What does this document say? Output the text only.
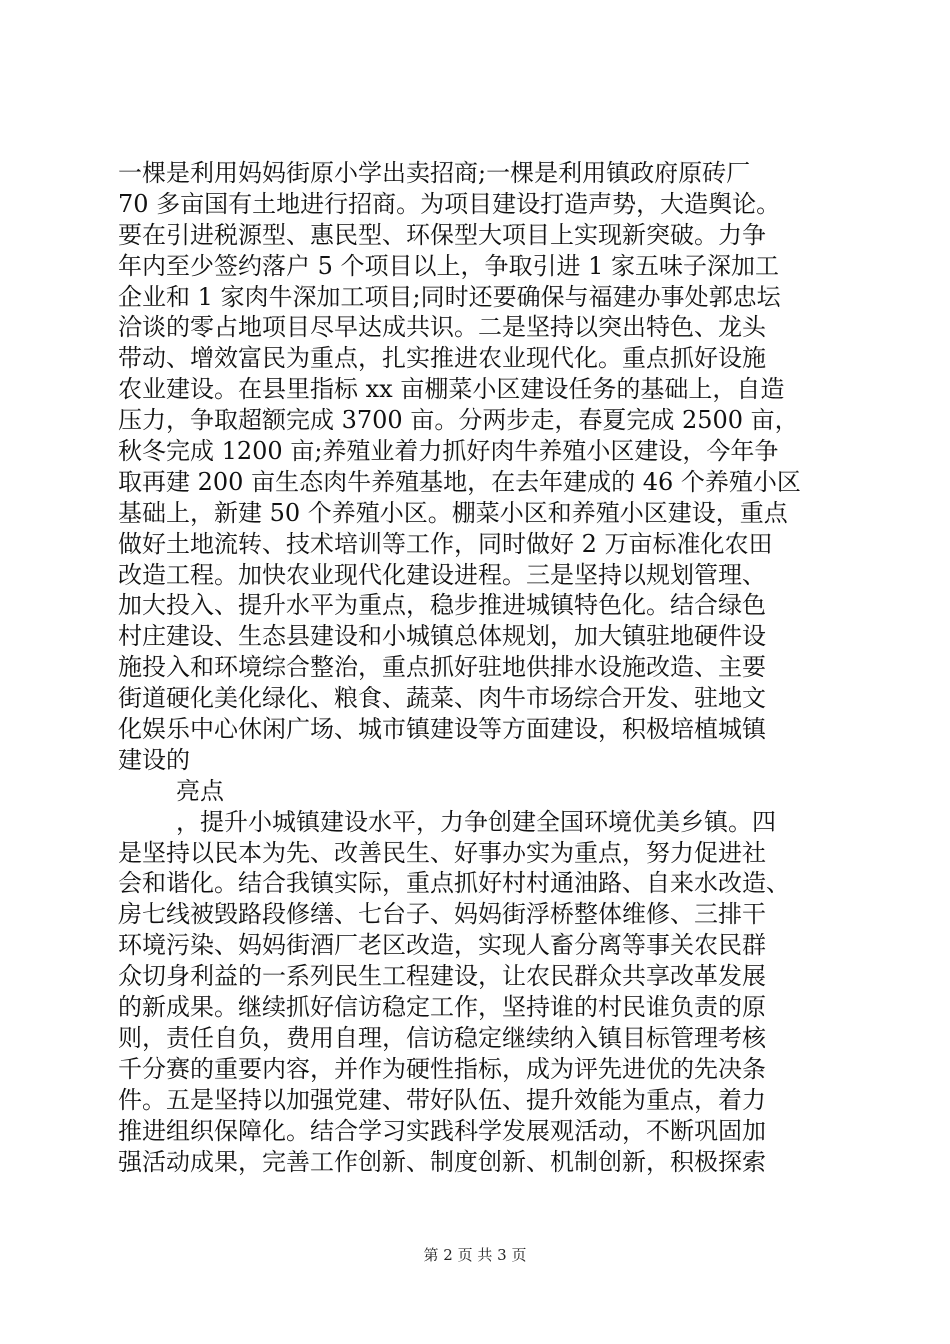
一棵是利用妈妈街原小学出卖招商;一棵是利用镇政府原砖厂
70 多亩国有土地进行招商。为项目建设打造声势，大造舆论。
要在引进税源型、惠民型、环保型大项目上实现新突破。力争
年内至少签约落户 5 个项目以上，争取引进 1 家五味子深加工
企业和 1 家肉牛深加工项目;同时还要确保与福建办事处郭忠坛
洽谈的零占地项目尽早达成共识。二是坚持以突出特色、龙头
带动、增效富民为重点，扎实推进农业现代化。重点抓好设施
农业建设。在县里指标 xx 亩棚菜小区建设任务的基础上，自造
压力，争取超额完成 3700 亩。分两步走，春夏完成 2500 亩，
秋冬完成 1200 亩;养殖业着力抓好肉牛养殖小区建设，今年争
取再建 200 亩生态肉牛养殖基地，在去年建成的 46 个养殖小区
基础上，新建 50 个养殖小区。棚菜小区和养殖小区建设，重点
做好土地流转、技术培训等工作，同时做好 2 万亩标准化农田
改造工程。加快农业现代化建设进程。三是坚持以规划管理、
加大投入、提升水平为重点，稳步推进城镇特色化。结合绿色
村庄建设、生态县建设和小城镇总体规划，加大镇驻地硬件设
施投入和环境综合整治，重点抓好驻地供排水设施改造、主要
街道硬化美化绿化、粮食、蔬菜、肉牛市场综合开发、驻地文
化娱乐中心休闲广场、城市镇建设等方面建设，积极培植城镇
建设的
亮点
，提升小城镇建设水平，力争创建全国环境优美乡镇。四
是坚持以民本为先、改善民生、好事办实为重点，努力促进社
会和谐化。结合我镇实际，重点抓好村村通油路、自来水改造、
房七线被毁路段修缮、七台子、妈妈街浮桥整体维修、三排干
环境污染、妈妈街酒厂老区改造，实现人畜分离等事关农民群
众切身利益的一系列民生工程建设，让农民群众共享改革发展
的新成果。继续抓好信访稳定工作，坚持谁的村民谁负责的原
则，责任自负，费用自理，信访稳定继续纳入镇目标管理考核
千分赛的重要内容，并作为硬性指标，成为评先进优的先决条
件。五是坚持以加强党建、带好队伍、提升效能为重点，着力
推进组织保障化。结合学习实践科学发展观活动，不断巩固加
强活动成果，完善工作创新、制度创新、机制创新，积极探索
第 2 页 共 3 页
